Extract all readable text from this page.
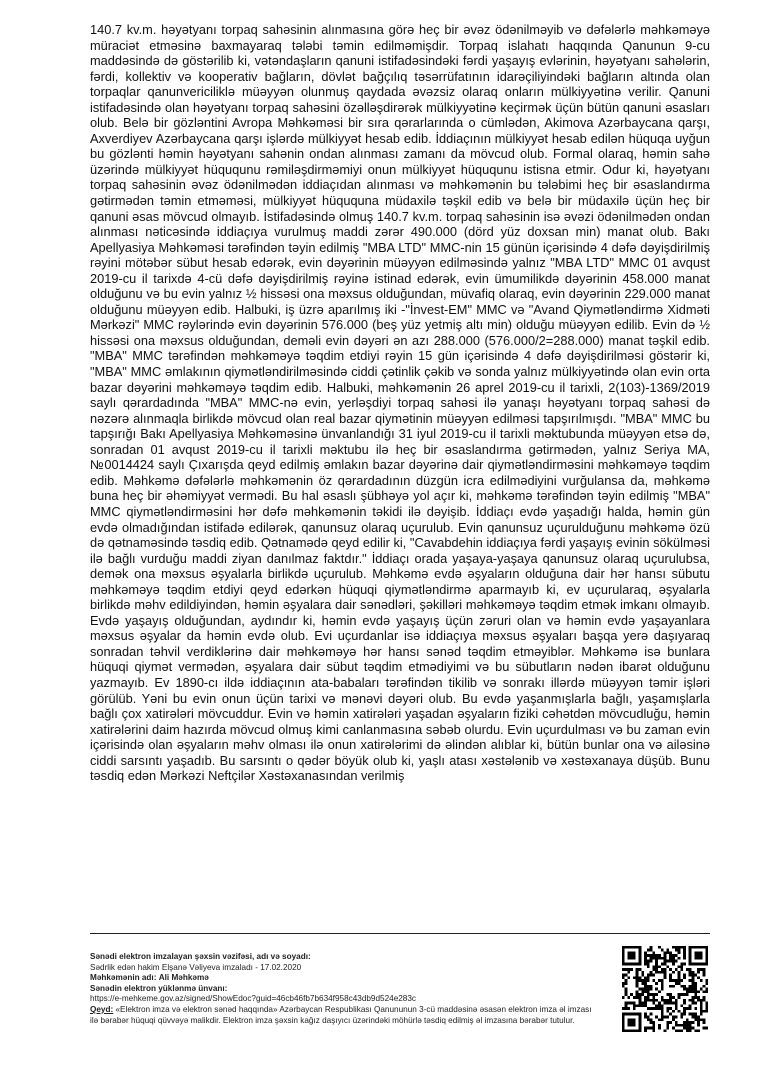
140.7 kv.m. həyətyanı torpaq sahəsinin alınmasına görə heç bir əvəz ödənilməyib və dəfələrlə məhkəməyə müraciət etməsinə baxmayaraq tələbi təmin edilməmişdir. Torpaq islahatı haqqında Qanunun 9-cu maddəsində də göstərilib ki, vətəndaşların qanuni istifadəsindəki fərdi yaşayış evlərinin, həyətyanı sahələrin, fərdi, kollektiv və kooperativ bağların, dövlət bağçılıq təsərrüfatının idarəçiliyindəki bağların altında olan torpaqlar qanunvericiliklə müəyyən olunmuş qaydada əvəzsiz olaraq onların mülkiyyətinə verilir. Qanuni istifadəsində olan həyətyanı torpaq sahəsini özəlləşdirərək mülkiyyətinə keçirmək üçün bütün qanuni əsasları olub. Belə bir gözləntini Avropa Məhkəməsi bir sıra qərarlarında o cümlədən, Akimova Azərbaycana qarşı, Axverdiyev Azərbaycana qarşı işlərdə mülkiyyət hesab edib. İddiaçının mülkiyyət hesab edilən hüquqa uyğun bu gözlənti həmin həyətyanı sahənin ondan alınması zamanı da mövcud olub. Formal olaraq, həmin sahə üzərində mülkiyyət hüququnu rəmiləşdirməmiyi onun mülkiyyət hüququnu istisna etmir. Odur ki, həyətyanı torpaq sahəsinin əvəz ödənilmədən iddiaçıdan alınması və məhkəmənin bu tələbimi heç bir əsaslandırma gətirmədən təmin etməməsi, mülkiyyət hüququna müdaxilə təşkil edib və belə bir müdaxilə üçün heç bir qanuni əsas mövcud olmayıb. İstifadəsində olmuş 140.7 kv.m. torpaq sahəsinin isə əvəzi ödənilmədən ondan alınması nəticəsində iddiaçıya vurulmuş maddi zərər 490.000 (dörd yüz doxsan min) manat olub. Bakı Apellyasiya Məhkəməsi tərəfindən təyin edilmiş "MBA LTD" MMC-nin 15 günün içərisində 4 dəfə dəyişdirilmiş rəyini mötəbər sübut hesab edərək, evin dəyərinin müəyyən edilməsində yalnız "MBA LTD" MMC 01 avqust 2019-cu il tarixdə 4-cü dəfə dəyişdirilmiş rəyinə istinad edərək, evin ümumilikdə dəyərinin 458.000 manat olduğunu və bu evin yalnız ½ hissəsi ona məxsus olduğundan, müvafiq olaraq, evin dəyərinin 229.000 manat olduğunu müəyyən edib. Halbuki, iş üzrə aparılmış iki -"İnvest-EM" MMC və "Avand Qiymətləndirmə Xidməti Mərkəzi" MMC rəylərində evin dəyərinin 576.000 (beş yüz yetmiş altı min) olduğu müəyyən edilib. Evin də ½ hissəsi ona məxsus olduğundan, deməli evin dəyəri ən azı 288.000 (576.000/2=288.000) manat təşkil edib. "MBA" MMC tərəfindən məhkəməyə təqdim etdiyi rəyin 15 gün içərisində 4 dəfə dəyişdirilməsi göstərir ki, "MBA" MMC əmlakının qiymətləndirilməsində ciddi çətinlik çəkib və sonda yalnız mülkiyyətində olan evin orta bazar dəyərini məhkəməyə təqdim edib. Halbuki, məhkəmənin 26 aprel 2019-cu il tarixli, 2(103)-1369/2019 saylı qərardadında "MBA" MMC-nə evin, yerləşdiyi torpaq sahəsi ilə yanaşı həyətyanı torpaq sahəsi də nəzərə alınmaqla birlikdə mövcud olan real bazar qiymətinin müəyyən edilməsi tapşırılmışdı. "MBA" MMC bu tapşırığı Bakı Apellyasiya Məhkəməsinə ünvanlandığı 31 iyul 2019-cu il tarixli məktubunda müəyyən etsə də, sonradan 01 avqust 2019-cu il tarixli məktubu ilə heç bir əsaslandırma gətirmədən, yalnız Seriya MA, №0014424 saylı Çıxarışda qeyd edilmiş əmlakın bazar dəyərinə dair qiymətləndirməsini məhkəməyə təqdim edib. Məhkəmə dəfələrlə məhkəmənin öz qərardadının düzgün icra edilmədiyini vurğulansa da, məhkəmə buna heç bir əhəmiyyət vermədi. Bu hal əsaslı şübhəyə yol açır ki, məhkəmə tərəfindən təyin edilmiş "MBA" MMC qiymətləndirməsini hər dəfə məhkəmənin təkidi ilə dəyişib. İddiaçı evdə yaşadığı halda, həmin gün evdə olmadığından istifadə edilərək, qanunsuz olaraq uçurulub. Evin qanunsuz uçurulduğunu məhkəmə özü də qətnaməsində təsdiq edib. Qətnamədə qeyd edilir ki, "Cavabdehin iddiaçıya fərdi yaşayış evinin sökülməsi ilə bağlı vurduğu maddi ziyan danılmaz faktdır." İddiaçı orada yaşaya-yaşaya qanunsuz olaraq uçurulubsa, demək ona məxsus əşyalarla birlikdə uçurulub. Məhkəmə evdə əşyaların olduğuna dair hər hansı sübutu məhkəməyə təqdim etdiyi qeyd edərkən hüquqi qiymətləndirmə aparmayıb ki, ev uçurularaq, əşyalarla birlikdə məhv edildiyindən, həmin əşyalara dair sənədləri, şəkilləri məhkəməyə təqdim etmək imkanı olmayıb. Evdə yaşayış olduğundan, aydındır ki, həmin evdə yaşayış üçün zəruri olan və həmin evdə yaşayanlara məxsus əşyalar da həmin evdə olub. Evi uçurdanlar isə iddiaçıya məxsus əşyaları başqa yerə daşıyaraq sonradan təhvil verdiklərinə dair məhkəməyə hər hansı sənəd təqdim etməyiblər. Məhkəmə isə bunlara hüquqi qiymət vermədən, əşyalara dair sübut təqdim etmədiyimi və bu sübutların nədən ibarət olduğunu yazmayıb. Ev 1890-cı ildə iddiaçının ata-babaları tərəfindən tikilib və sonrakı illərdə müəyyən təmir işləri görülüb. Yəni bu evin onun üçün tarixi və mənəvi dəyəri olub. Bu evdə yaşanmışlarla bağlı, yaşamışlarla bağlı çox xatirələri mövcuddur. Evin və həmin xatirələri yaşadan əşyaların fiziki cəhətdən mövcudluğu, həmin xatirələrini daim hazırda mövcud olmuş kimi canlanmasına səbəb olurdu. Evin uçurdulması və bu zaman evin içərisində olan əşyaların məhv olması ilə onun xatirələrimi də əlindən alıblar ki, bütün bunlar ona və ailəsinə ciddi sarsıntı yaşadıb. Bu sarsıntı o qədər böyük olub ki, yaşlı atası xəstələnib və xəstəxanaya düşüb. Bunu təsdiq edən Mərkəzi Neftçilər Xəstəxanasından verilmiş

Sənədi elektron imzalayan şəxsin vəzifəsi, adı və soyadı:
Sədrlik edən hakim Elşanə Vəliyeva imzaladı - 17.02.2020
Məhkəmənin adı: Ali Məhkəmə
Sənədin elektron yüklənmə ünvanı:
https://e-mehkeme.gov.az/signed/ShowEdoc?guid=46cb46fb7b634f958c43db9d524e283c
Qeyd: «Elektron imza və elektron sənəd haqqında» Azərbaycan Respublikası Qanununun 3-cü maddəsinə əsasən elektron imza əl imzası ilə bərabər hüquqi qüvvəyə malikdir. Elektron imza şəxsin kağız daşıyıcı üzərindəki möhürlə təsdiq edilmiş əl imzasına bərabər tutulur.
